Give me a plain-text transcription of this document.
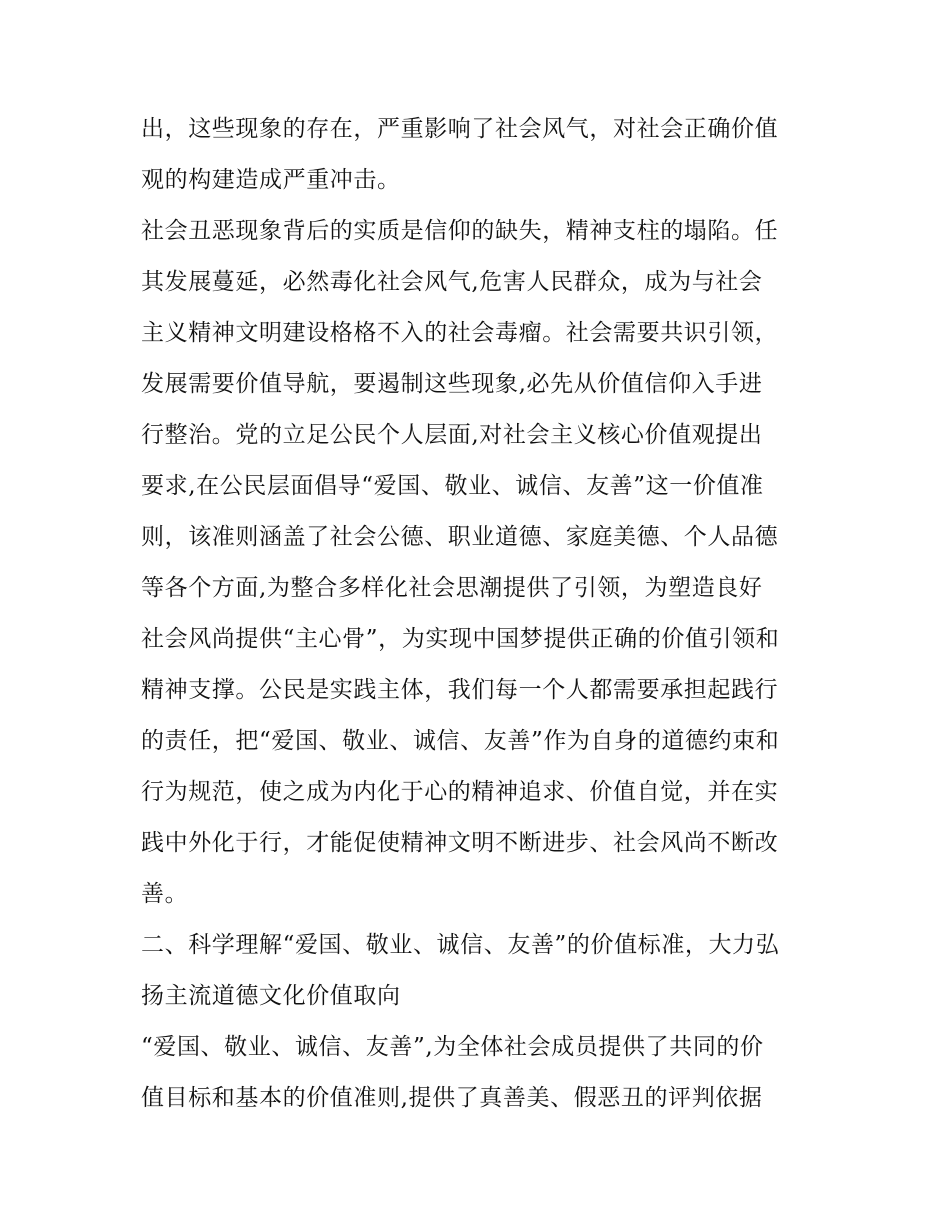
出，这些现象的存在，严重影响了社会风气，对社会正确价值
观的构建造成严重冲击。
社会丑恶现象背后的实质是信仰的缺失，精神支柱的塌陷。任
其发展蔓延，必然毒化社会风气,危害人民群众，成为与社会
主义精神文明建设格格不入的社会毒瘤。社会需要共识引领，
发展需要价值导航，要遏制这些现象,必先从价值信仰入手进
行整治。党的立足公民个人层面,对社会主义核心价值观提出
要求,在公民层面倡导“爱国、敬业、诚信、友善”这一价值准
则，该准则涵盖了社会公德、职业道德、家庭美德、个人品德
等各个方面,为整合多样化社会思潮提供了引领，为塑造良好
社会风尚提供“主心骨”，为实现中国梦提供正确的价值引领和
精神支撑。公民是实践主体，我们每一个人都需要承担起践行
的责任，把“爱国、敬业、诚信、友善”作为自身的道德约束和
行为规范，使之成为内化于心的精神追求、价值自觉，并在实
践中外化于行，才能促使精神文明不断进步、社会风尚不断改
善。
二、科学理解“爱国、敬业、诚信、友善”的价值标准，大力弘
扬主流道德文化价值取向
“爱国、敬业、诚信、友善”,为全体社会成员提供了共同的价
值目标和基本的价值准则,提供了真善美、假恶丑的评判依据
